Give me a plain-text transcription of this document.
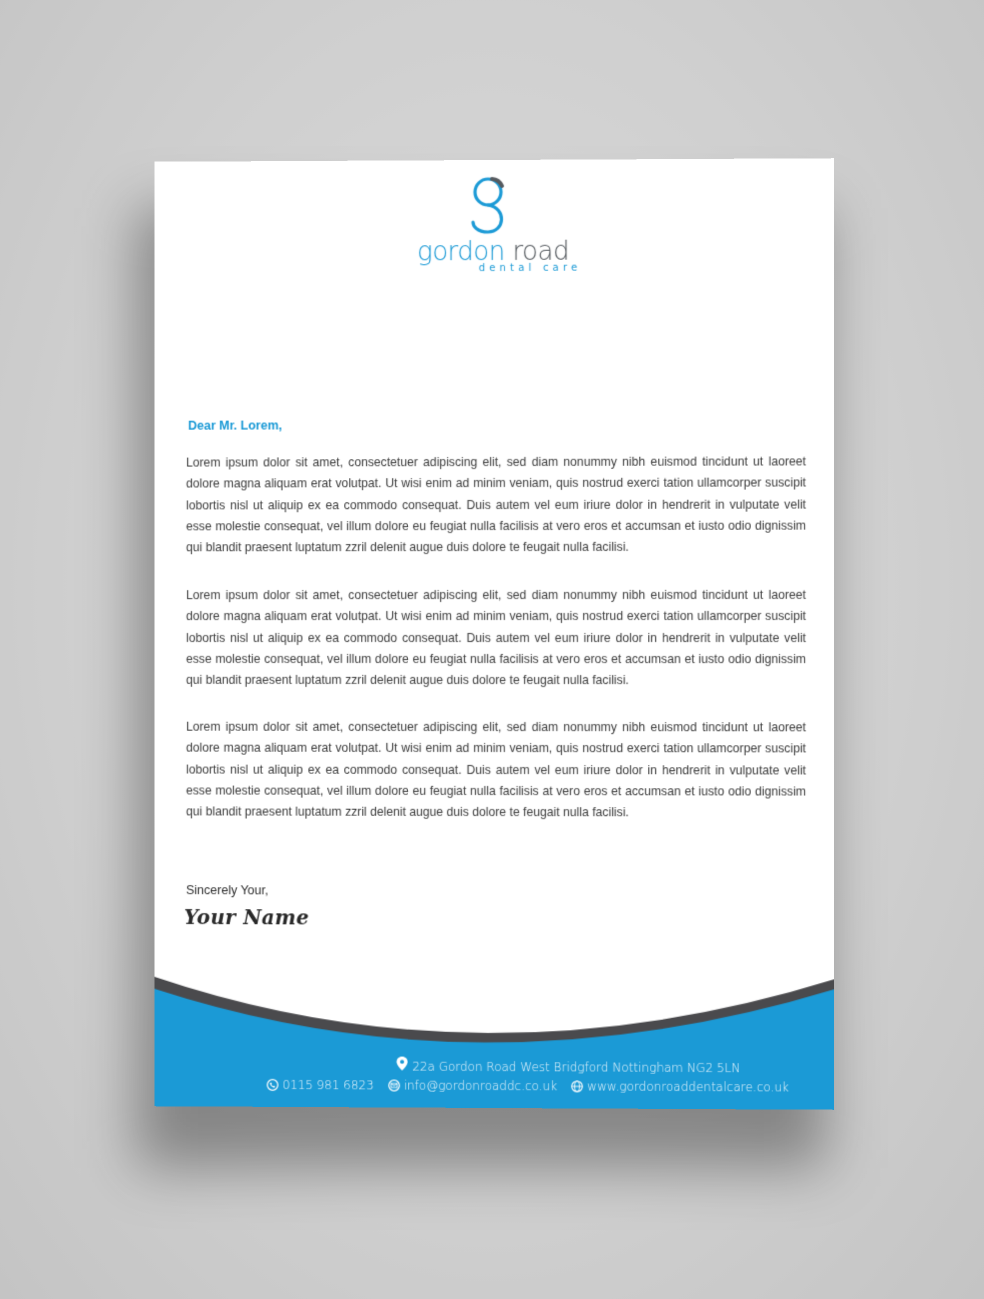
gordon road
dental care
Dear Mr. Lorem,
Lorem ipsum dolor sit amet, consectetuer adipiscing elit, sed diam nonummy nibh euismod tincidunt ut laoreet dolore magna aliquam erat volutpat. Ut wisi enim ad minim veniam, quis nostrud exerci tation ullamcorper suscipit lobortis nisl ut aliquip ex ea commodo consequat. Duis autem vel eum iriure dolor in hendrerit in vulputate velit esse molestie consequat, vel illum dolore eu feugiat nulla facilisis at vero eros et accumsan et iusto odio dignissim qui blandit praesent luptatum zzril delenit augue duis dolore te feugait nulla facilisi.
Lorem ipsum dolor sit amet, consectetuer adipiscing elit, sed diam nonummy nibh euismod tincidunt ut laoreet dolore magna aliquam erat volutpat. Ut wisi enim ad minim veniam, quis nostrud exerci tation ullamcorper suscipit lobortis nisl ut aliquip ex ea commodo consequat. Duis autem vel eum iriure dolor in hendrerit in vulputate velit esse molestie consequat, vel illum dolore eu feugiat nulla facilisis at vero eros et accumsan et iusto odio dignissim qui blandit praesent luptatum zzril delenit augue duis dolore te feugait nulla facilisi.
Lorem ipsum dolor sit amet, consectetuer adipiscing elit, sed diam nonummy nibh euismod tincidunt ut laoreet dolore magna aliquam erat volutpat. Ut wisi enim ad minim veniam, quis nostrud exerci tation ullamcorper suscipit lobortis nisl ut aliquip ex ea commodo consequat. Duis autem vel eum iriure dolor in hendrerit in vulputate velit esse molestie consequat, vel illum dolore eu feugiat nulla facilisis at vero eros et accumsan et iusto odio dignissim qui blandit praesent luptatum zzril delenit augue duis dolore te feugait nulla facilisi.
Sincerely Your,
Your Name
22a Gordon Road West Bridgford Nottingham NG2 5LN
0115 981 6823 info@gordonroaddc.co.uk	www.gordonroaddentalcare.co.uk
